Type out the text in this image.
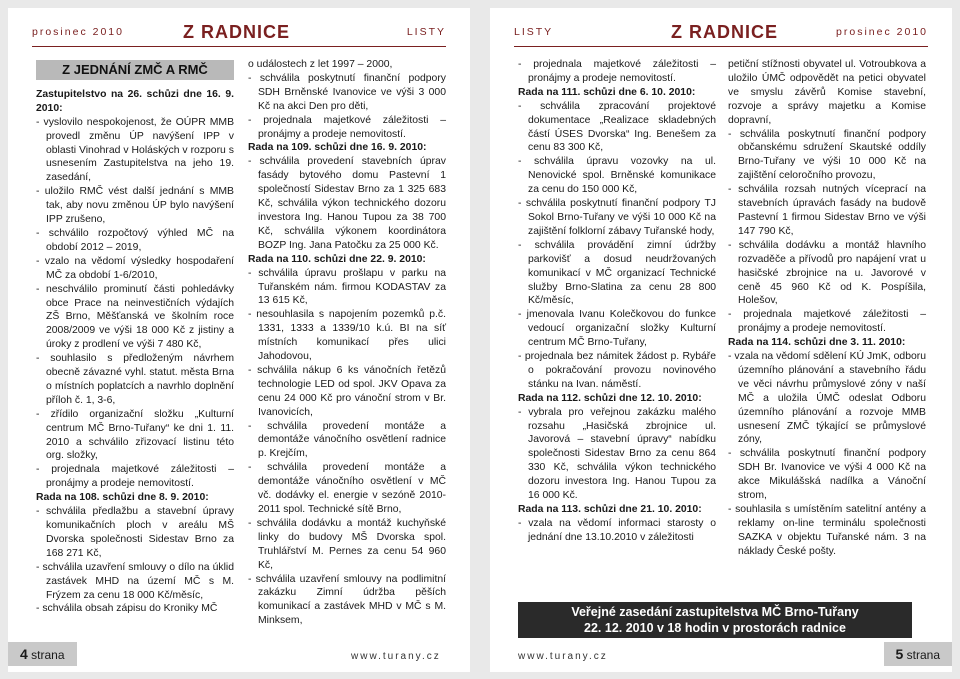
prosinec 2010	Z RADNICE	LISTY
Z JEDNÁNÍ ZMČ A RMČ

Zastupitelstvo na 26. schůzi dne 16. 9. 2010:

- vyslovilo nespokojenost, že OÚPR MMB provedl změnu ÚP navýšení IPP v oblasti Vinohrad v Holáských v rozporu s usnesením Zastupitelstva na jeho 19. zasedání,

- uložilo RMČ vést další jednání s MMB tak, aby novu změnou ÚP bylo navýšení IPP zrušeno,

- schválilo rozpočtový výhled MČ na období 2012 – 2019,

- vzalo na vědomí výsledky hospodaření MČ za období 1-6/2010,

- neschválilo prominutí části pohledávky obce Prace na neinvestičních výdajích ZŠ Brno, Měšťanská ve školním roce 2008/2009 ve výši 18 000 Kč z jistiny a úroky z prodlení ve výši 7 480 Kč,

- souhlasilo s předloženým návrhem obecně závazné vyhl. statut. města Brna o místních poplatcích a navrhlo doplnění příloh č. 1, 3-6,

- zřídilo organizační složku „Kulturní centrum MČ Brno-Tuřany“ ke dni 1. 11. 2010 a schválilo zřizovací listinu této org. složky,

- projednala majetkové záležitosti – pronájmy a prodeje nemovitostí.

Rada na 108. schůzi dne 8. 9. 2010:

- schválila předlažbu a stavební úpravy komunikačních ploch v areálu MŠ Dvorska společnosti Sidestav Brno za 168 271 Kč,

- schválila uzavření smlouvy o dílo na úklid zastávek MHD na území MČ s M. Frýzem za cenu 18 000 Kč/měsíc,

- schválila obsah zápisu do Kroniky MČ

o událostech z let 1997 – 2000,

- schválila poskytnutí finanční podpory SDH Brněnské Ivanovice ve výši 3 000 Kč na akci Den pro děti,

- projednala majetkové záležitosti – pronájmy a prodeje nemovitostí.

Rada na 109. schůzi dne 16. 9. 2010:

- schválila provedení stavebních úprav fasády bytového domu Pastevní 1 společností Sidestav Brno za 1 325 683 Kč, schválila výkon technického dozoru investora Ing. Hanou Tupou za 38 700 Kč, schválila výkonem koordinátora BOZP Ing. Jana Patočku za 25 000 Kč.

Rada na 110. schůzi dne 22. 9. 2010:

- schválila úpravu prošlapu v parku na Tuřanském nám. firmou KODASTAV za 13 615 Kč,

- nesouhlasila s napojením pozemků p.č. 1331, 1333 a 1339/10 k.ú. BI na síť místních komunikací přes ulici Jahodovou,

- schválila nákup 6 ks vánočních řetězů technologie LED od spol. JKV Opava za cenu 24 000 Kč pro vánoční strom v Br. Ivanovicích,

- schválila provedení montáže a demontáže vánočního osvětlení radnice p. Krejčím,

- schválila provedení montáže a demontáže vánočního osvětlení v MČ vč. dodávky el. energie v sezóně 2010-2011 spol. Technické sítě Brno,

- schválila dodávku a montáž kuchyňské linky do budovy MŠ Dvorska spol. Truhlářství M. Pernes za cenu 54 960 Kč,

- schválila uzavření smlouvy na podlimitní zakázku Zimní údržba pěších komunikací a zastávek MHD v MČ s M. Minksem,

www.turany.cz
4 strana
LISTY	Z RADNICE	prosinec 2010

- projednala majetkové záležitosti – pronájmy a prodeje nemovitostí.

Rada na 111. schůzi dne 6. 10. 2010:

- schválila zpracování projektové dokumentace „Realizace skladebných částí ÚSES Dvorska“ Ing. Benešem za cenu 83 300 Kč,

- schválila úpravu vozovky na ul. Nenovické spol. Brněnské komunikace za cenu do 150 000 Kč,

- schválila poskytnutí finanční podpory TJ Sokol Brno-Tuřany ve výši 10 000 Kč na zajištění folklorní zábavy Tuřanské hody,

- schválila provádění zimní údržby parkovišť a dosud neudržovaných komunikací v MČ organizací Technické služby Brno-Slatina za cenu 28 800 Kč/měsíc,

- jmenovala Ivanu Kolečkovou do funkce vedoucí organizační složky Kulturní centrum MČ Brno-Tuřany,

- projednala bez námitek žádost p. Rybáře o pokračování provozu novinového stánku na Ivan. náměstí.

Rada na 112. schůzi dne 12. 10. 2010:

- vybrala pro veřejnou zakázku malého rozsahu „Hasičská zbrojnice ul. Javorová – stavební úpravy“ nabídku společnosti Sidestav Brno za cenu 864 330 Kč, schválila výkon technického dozoru investora Ing. Hanou Tupou za 16 000 Kč.

Rada na 113. schůzi dne 21. 10. 2010:

- vzala na vědomí informaci starosty o jednání dne 13.10.2010 v záležitosti

petiční stížnosti obyvatel ul. Votroubkova a uložilo ÚMČ odpovědět na petici obyvatel ve smyslu závěrů Komise stavební, rozvoje a správy majetku a Komise dopravní,

- schválila poskytnutí finanční podpory občanskému sdružení Skautské oddíly Brno-Tuřany ve výši 10 000 Kč na zajištění celoročního provozu,

- schválila rozsah nutných víceprací na stavebních úpravách fasády na budově Pastevní 1 firmou Sidestav Brno ve výši 147 790 Kč,

- schválila dodávku a montáž hlavního rozvaděče a přívodů pro napájení vrat u hasičské zbrojnice na u. Javorové v ceně 45 960 Kč od K. Pospíšila, Holešov,

- projednala majetkové záležitosti – pronájmy a prodeje nemovitostí.

Rada na 114. schůzi dne 3. 11. 2010:

- vzala na vědomí sdělení KÚ JmK, odboru územního plánování a stavebního řádu ve věci návrhu průmyslové zóny v naší MČ a uložila ÚMČ odeslat Odboru územního plánování a rozvoje MMB usnesení ZMČ týkající se průmyslové zóny,

- schválila poskytnutí finanční podpory SDH Br. Ivanovice ve výši 4 000 Kč na akce Mikulášská nadílka a Vánoční strom,

- souhlasila s umístěním satelitní antény a reklamy on-line terminálu společnosti SAZKA v objektu Tuřanské nám. 3 na náklady České pošty.

Veřejné zasedání zastupitelstva MČ Brno-Tuřany
22. 12. 2010 v 18 hodin v prostorách radnice
www.turany.cz	5 strana
